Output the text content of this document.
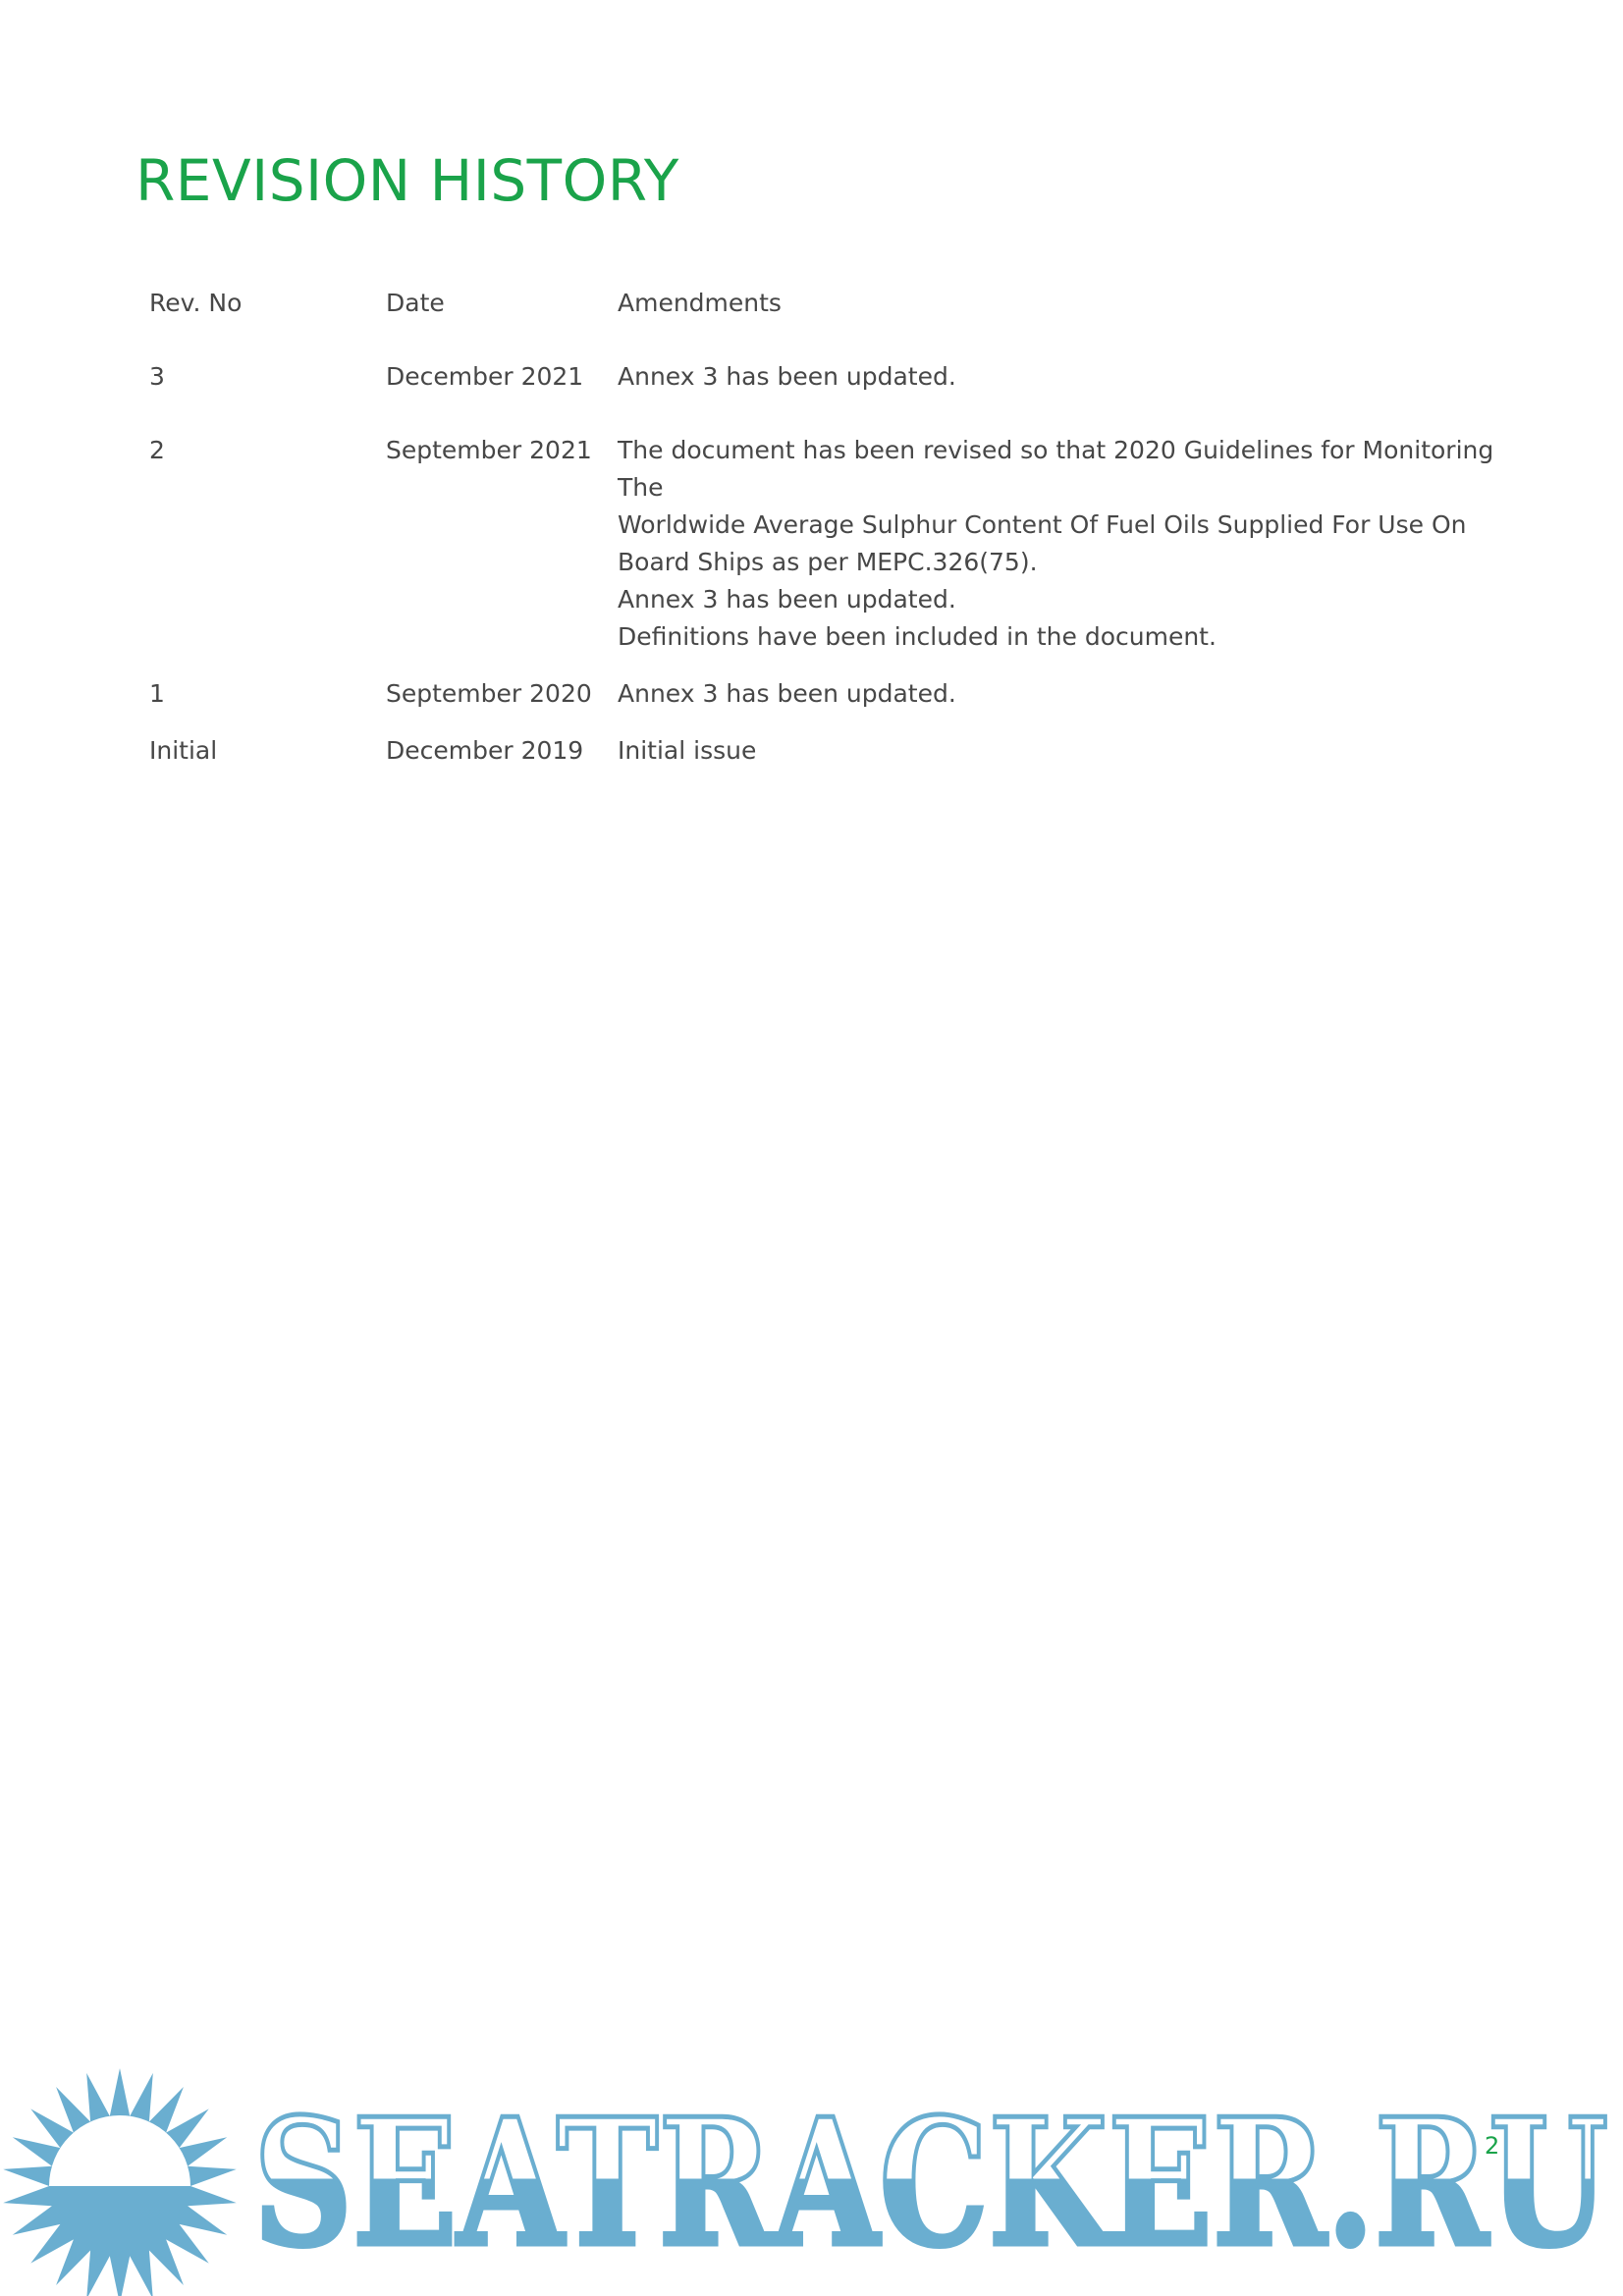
REVISION HISTORY
Rev. No	Date	Amendments
3	December 2021	Annex 3 has been updated.
2	September 2021	The document has been revised so that 2020 Guidelines for Monitoring The
Worldwide Average Sulphur Content Of Fuel Oils Supplied For Use On
Board Ships as per MEPC.326(75).
Annex 3 has been updated.
Definitions have been included in the document.
1	September 2020	Annex 3 has been updated.
Initial	December 2019	Initial issue
SEATRACKER.RU
2
